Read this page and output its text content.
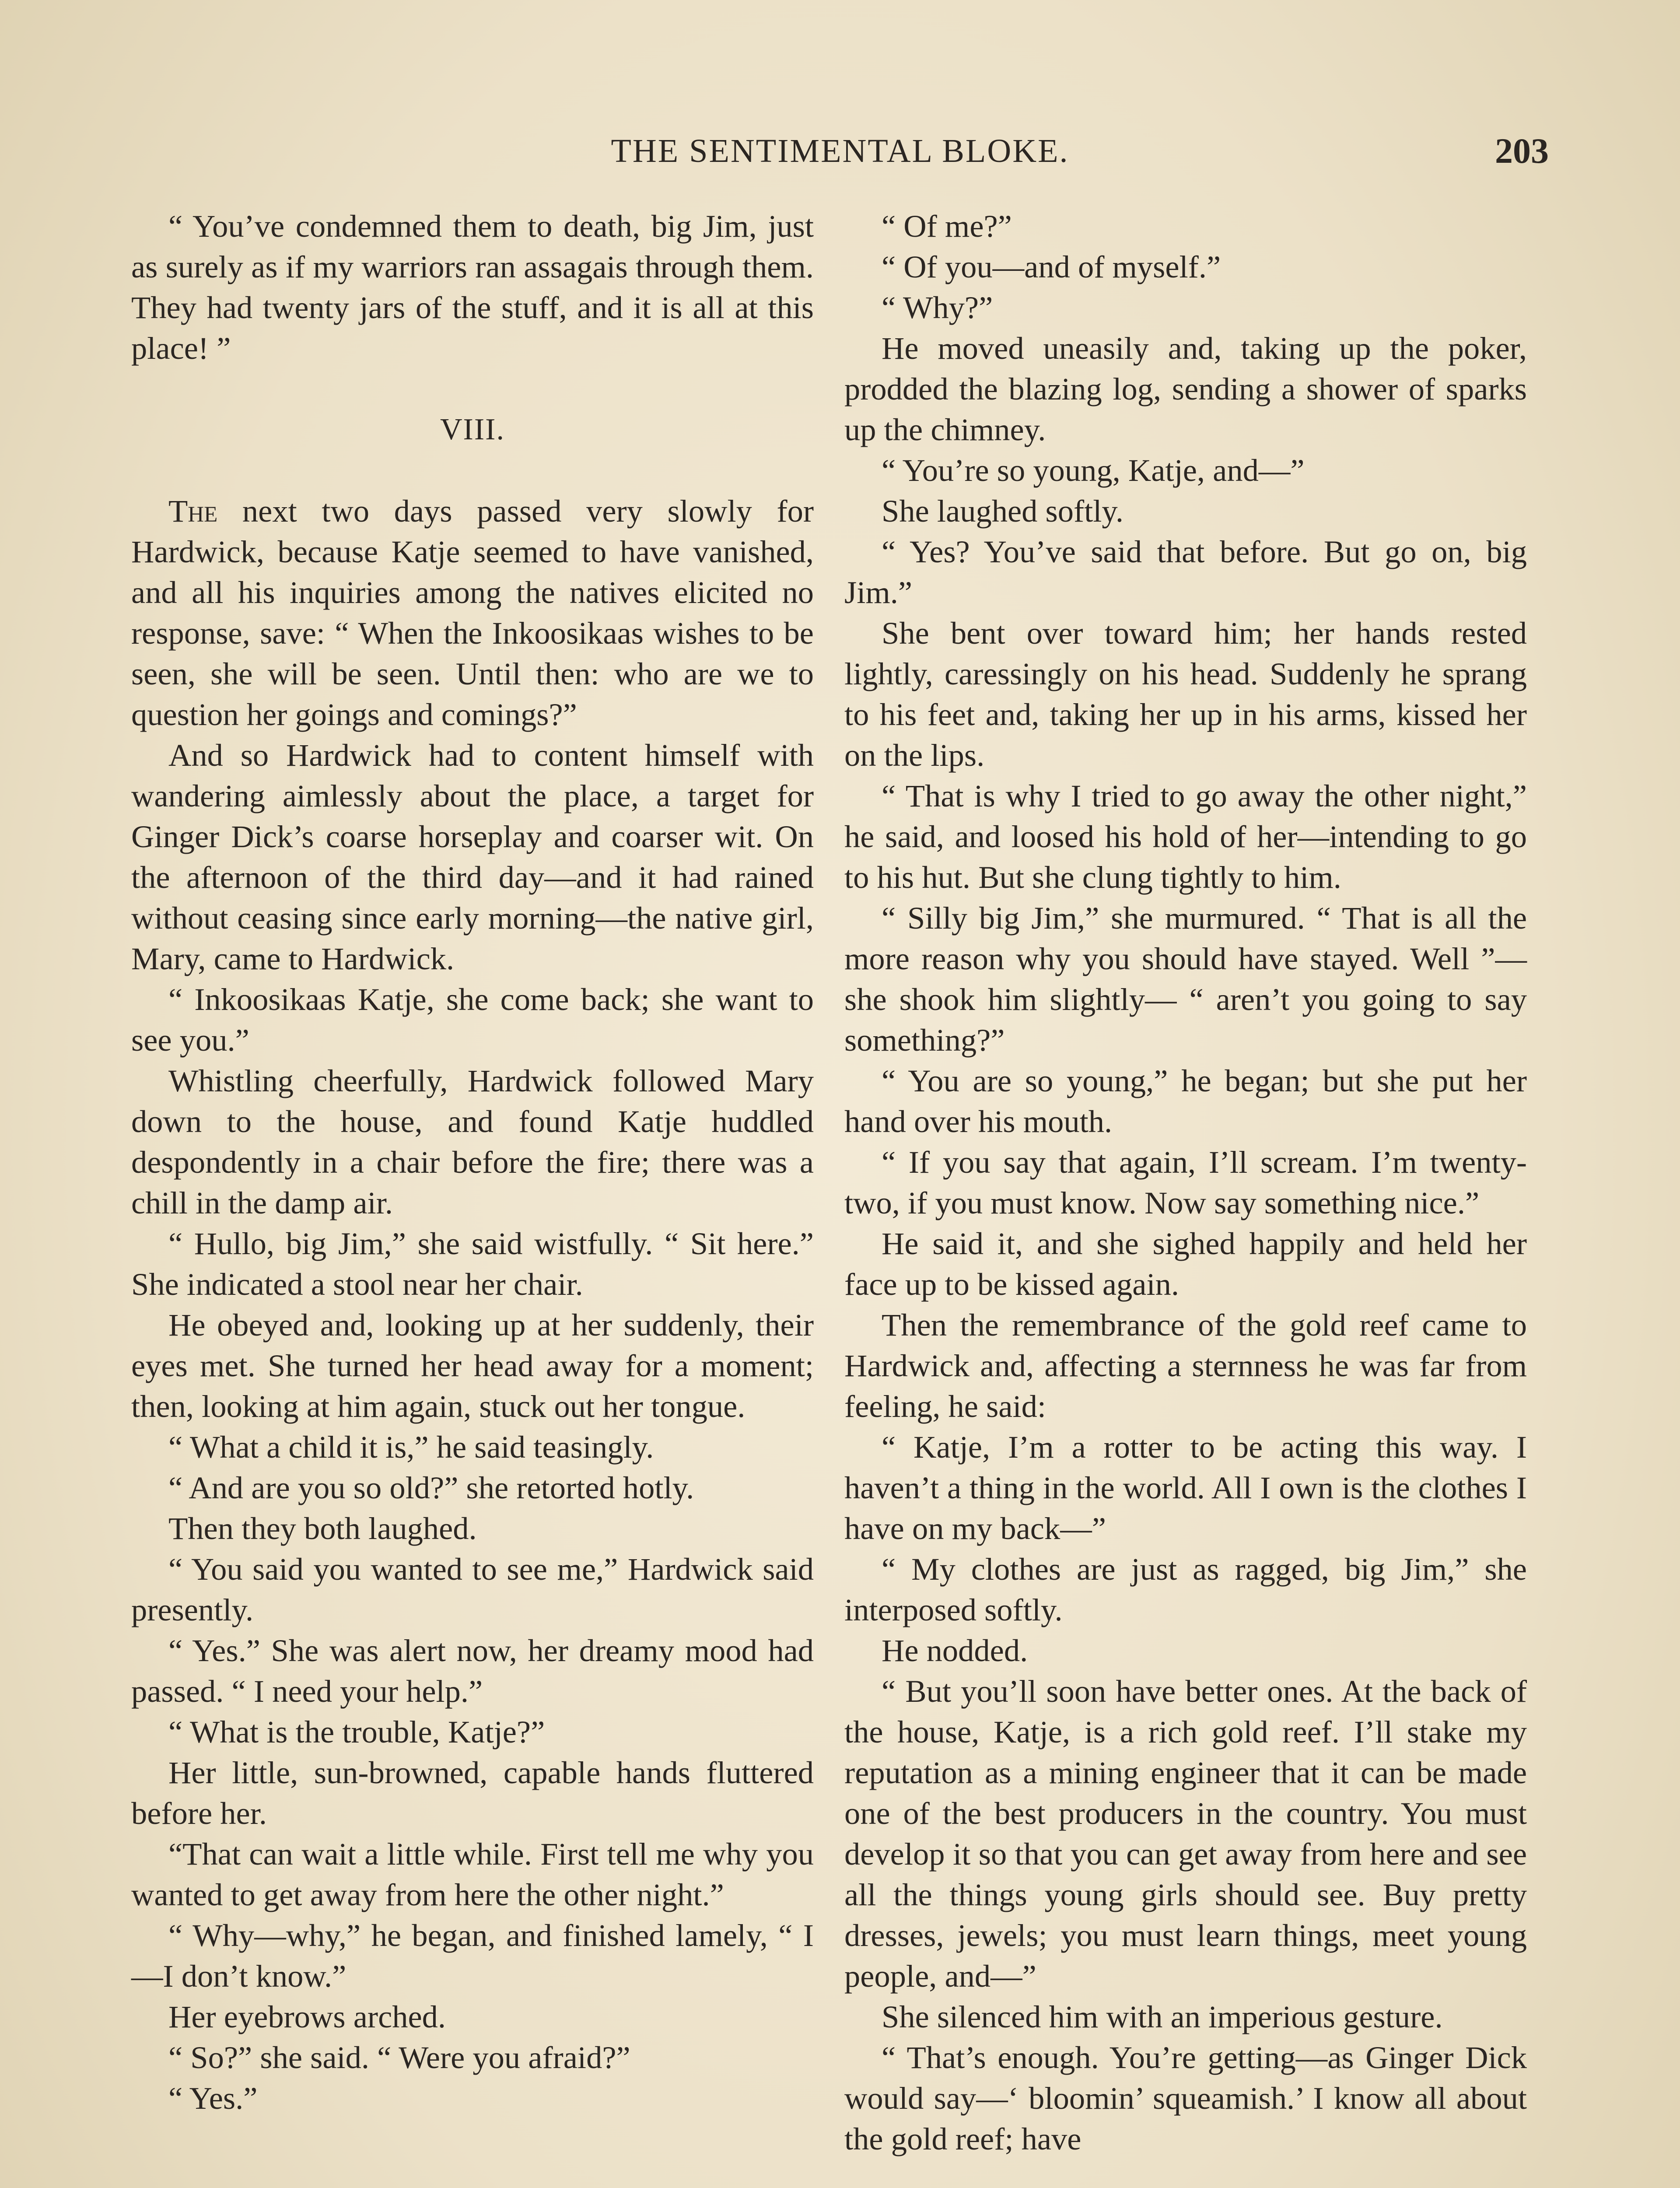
THE SENTIMENTAL BLOKE.	203

“ You’ve condemned them to death, big Jim, just as surely as if my warriors ran assagais through them. They had twenty jars of the stuff, and it is all at this place! ”

VIII.

The next two days passed very slowly for Hardwick, because Katje seemed to have vanished, and all his inquiries among the natives elicited no response, save: “ When the Inkoosikaas wishes to be seen, she will be seen. Until then: who are we to question her goings and comings?”

And so Hardwick had to content himself with wandering aimlessly about the place, a target for Ginger Dick’s coarse horseplay and coarser wit. On the afternoon of the third day—and it had rained without ceasing since early morning—the native girl, Mary, came to Hardwick.

“ Inkoosikaas Katje, she come back; she want to see you.”

Whistling cheerfully, Hardwick followed Mary down to the house, and found Katje huddled despondently in a chair before the fire; there was a chill in the damp air.

“ Hullo, big Jim,” she said wistfully. “ Sit here.” She indicated a stool near her chair.

He obeyed and, looking up at her suddenly, their eyes met. She turned her head away for a moment; then, looking at him again, stuck out her tongue.

“ What a child it is,” he said teasingly.

“ And are you so old?” she retorted hotly.

Then they both laughed.

“ You said you wanted to see me,” Hardwick said presently.

“ Yes.” She was alert now, her dreamy mood had passed. “ I need your help.”

“ What is the trouble, Katje?”

Her little, sun-browned, capable hands fluttered before her.

“That can wait a little while. First tell me why you wanted to get away from here the other night.”

“ Why—why,” he began, and finished lamely, “ I—I don’t know.”

Her eyebrows arched.

“ So?” she said. “ Were you afraid?”

“ Yes.”

“ Of me?”

“ Of you—and of myself.”

“ Why?”

He moved uneasily and, taking up the poker, prodded the blazing log, sending a shower of sparks up the chimney.

“ You’re so young, Katje, and—”

She laughed softly.

“ Yes? You’ve said that before. But go on, big Jim.”

She bent over toward him; her hands rested lightly, caressingly on his head. Suddenly he sprang to his feet and, taking her up in his arms, kissed her on the lips.

“ That is why I tried to go away the other night,” he said, and loosed his hold of her—intending to go to his hut. But she clung tightly to him.

“ Silly big Jim,” she murmured. “ That is all the more reason why you should have stayed. Well ”—she shook him slightly— “ aren’t you going to say something?”

“ You are so young,” he began; but she put her hand over his mouth.

“ If you say that again, I’ll scream. I’m twenty-two, if you must know. Now say something nice.”

He said it, and she sighed happily and held her face up to be kissed again.

Then the remembrance of the gold reef came to Hardwick and, affecting a sternness he was far from feeling, he said:

“ Katje, I’m a rotter to be acting this way. I haven’t a thing in the world. All I own is the clothes I have on my back—”

“ My clothes are just as ragged, big Jim,” she interposed softly.

He nodded.

“ But you’ll soon have better ones. At the back of the house, Katje, is a rich gold reef. I’ll stake my reputation as a mining engineer that it can be made one of the best producers in the country. You must develop it so that you can get away from here and see all the things young girls should see. Buy pretty dresses, jewels; you must learn things, meet young people, and—”

She silenced him with an imperious gesture.

“ That’s enough. You’re getting—as Ginger Dick would say—‘ bloomin’ squeamish.’ I know all about the gold reef; have
